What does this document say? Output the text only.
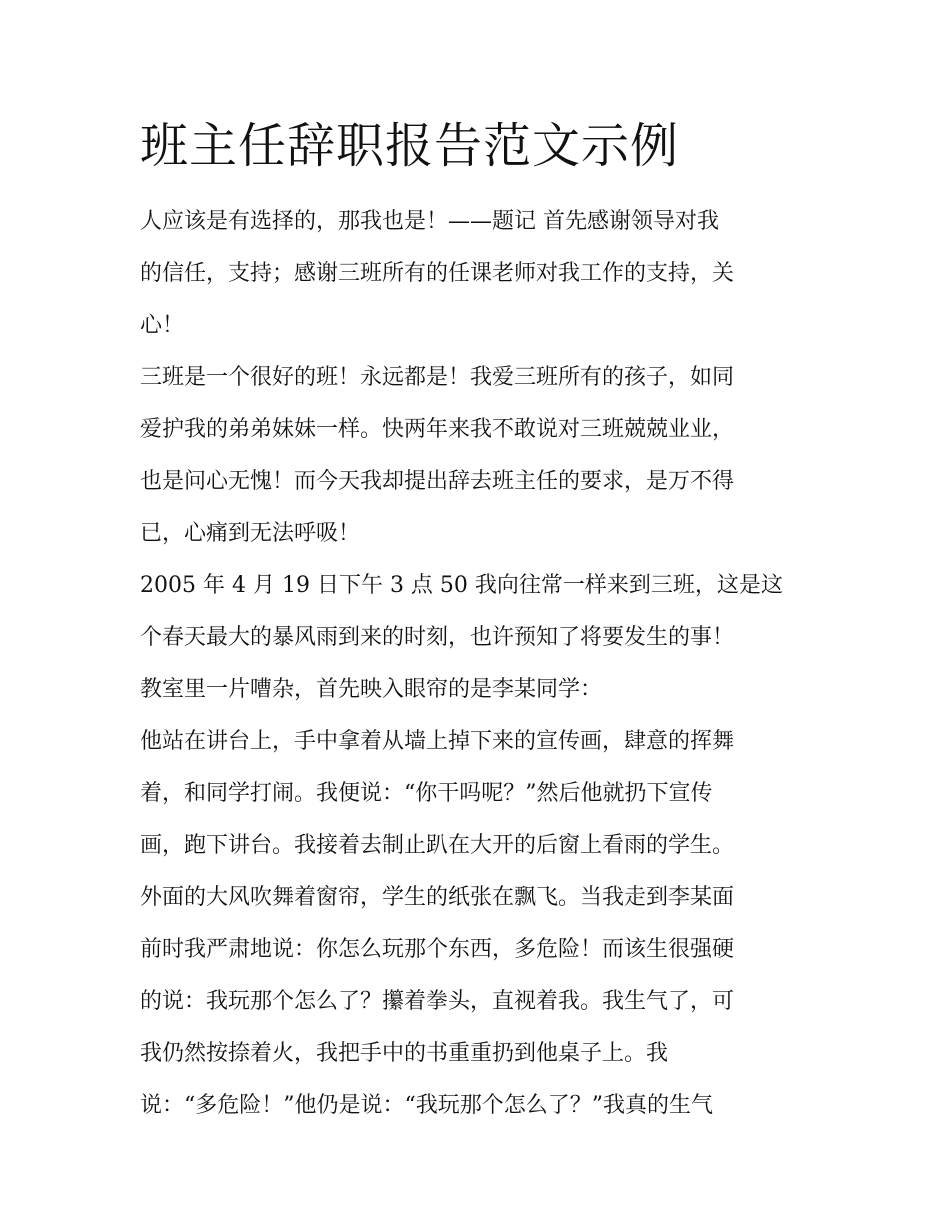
班主任辞职报告范文示例
人应该是有选择的，那我也是！——题记 首先感谢领导对我
的信任，支持；感谢三班所有的任课老师对我工作的支持，关
心！
三班是一个很好的班！永远都是！我爱三班所有的孩子，如同
爱护我的弟弟妹妹一样。快两年来我不敢说对三班兢兢业业，
也是问心无愧！而今天我却提出辞去班主任的要求，是万不得
已，心痛到无法呼吸！
2005 年 4 月 19 日下午 3 点 50 我向往常一样来到三班，这是这
个春天最大的暴风雨到来的时刻，也许预知了将要发生的事！
教室里一片嘈杂，首先映入眼帘的是李某同学：
他站在讲台上，手中拿着从墙上掉下来的宣传画，肆意的挥舞
着，和同学打闹。我便说：“你干吗呢？”然后他就扔下宣传
画，跑下讲台。我接着去制止趴在大开的后窗上看雨的学生。
外面的大风吹舞着窗帘，学生的纸张在飘飞。当我走到李某面
前时我严肃地说：你怎么玩那个东西，多危险！而该生很强硬
的说：我玩那个怎么了？攥着拳头，直视着我。我生气了，可
我仍然按捺着火，我把手中的书重重扔到他桌子上。我
说：“多危险！”他仍是说：“我玩那个怎么了？”我真的生气
